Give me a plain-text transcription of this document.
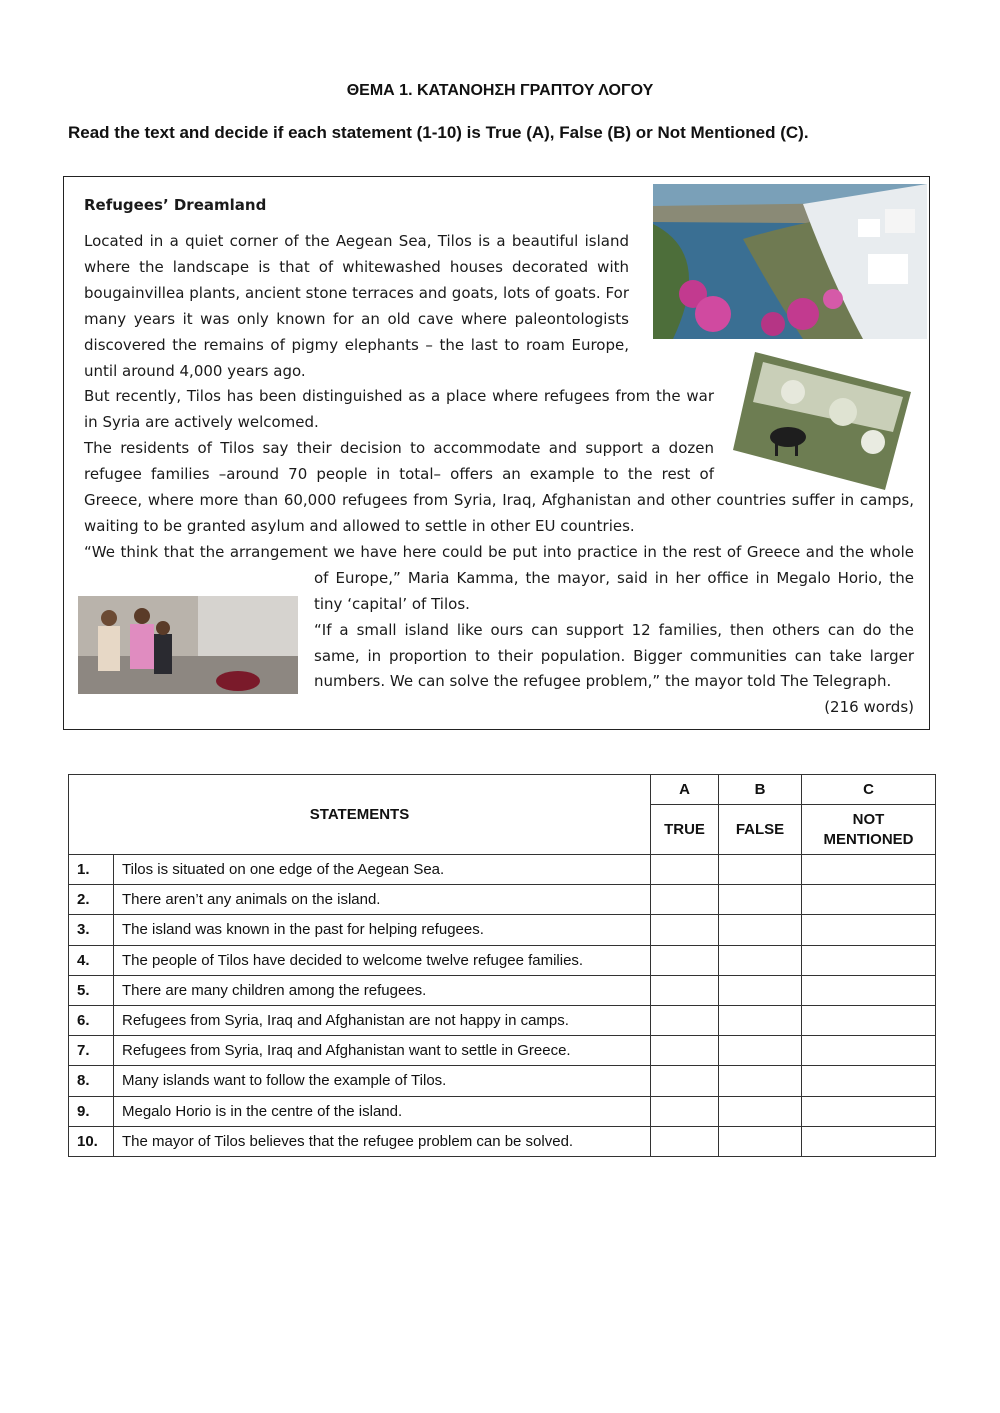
ΘΕΜΑ 1. ΚΑΤΑΝΟΗΣΗ ΓΡΑΠΤΟΥ ΛΟΓΟΥ
Read the text and decide if each statement (1-10) is True (A), False (B) or Not Mentioned (C).
Refugees’ Dreamland

Located in a quiet corner of the Aegean Sea, Tilos is a beautiful island where the landscape is that of whitewashed houses decorated with bougainvillea plants, ancient stone terraces and goats, lots of goats. For many years it was only known for an old cave where paleontologists discovered the remains of pigmy elephants – the last to roam Europe, until around 4,000 years ago.

But recently, Tilos has been distinguished as a place where refugees from the war in Syria are actively welcomed.

The residents of Tilos say their decision to accommodate and support a dozen refugee families –around 70 people in total– offers an example to the rest of Greece, where more than 60,000 refugees from Syria, Iraq, Afghanistan and other countries suffer in camps, waiting to be granted asylum and allowed to settle in other EU countries.

“We think that the arrangement we have here could be put into practice in the rest of Greece and the whole

of Europe,” Maria Kamma, the mayor, said in her office in Megalo Horio, the tiny ‘capital’ of Tilos.

“If a small island like ours can support 12 families, then others can do the same, in proportion to their population. Bigger communities can take larger numbers. We can solve the refugee problem,” the mayor told The Telegraph.

(216 words)

STATEMENTS		A	B	C
		TRUE	FALSE	NOT
MENTIONED
1.	Tilos is situated on one edge of the Aegean Sea.			
2.	There aren’t any animals on the island.			
3.	The island was known in the past for helping refugees.			
4.	The people of Tilos have decided to welcome twelve refugee families.			
5.	There are many children among the refugees.			
6.	Refugees from Syria, Iraq and Afghanistan are not happy in camps.			
7.	Refugees from Syria, Iraq and Afghanistan want to settle in Greece.			
8.	Many islands want to follow the example of Tilos.			
9.	Megalo Horio is in the centre of the island.			
10.	The mayor of Tilos believes that the refugee problem can be solved.			
